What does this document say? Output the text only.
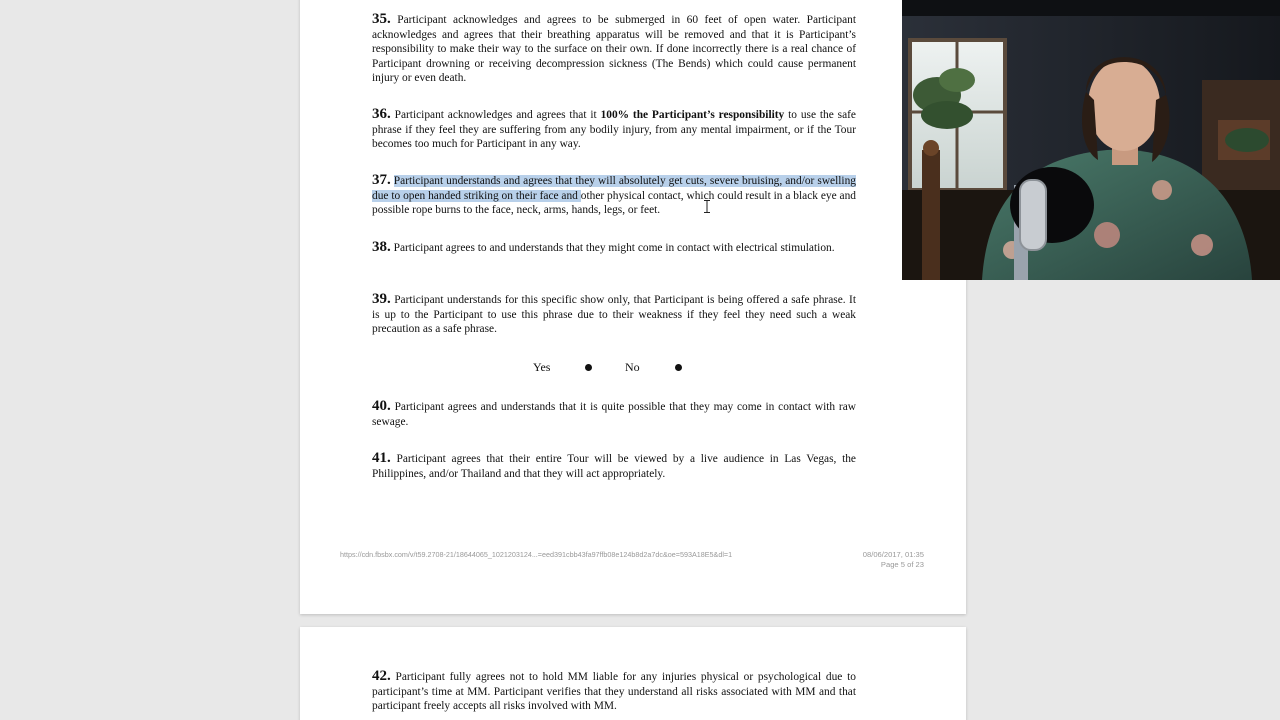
35. Participant acknowledges and agrees to be submerged in 60 feet of open water. Participant acknowledges and agrees that their breathing apparatus will be removed and that it is Participant’s responsibility to make their way to the surface on their own. If done incorrectly there is a real chance of Participant drowning or receiving decompression sickness (The Bends) which could cause permanent injury or even death.
36. Participant acknowledges and agrees that it 100% the Participant’s responsibility to use the safe phrase if they feel they are suffering from any bodily injury, from any mental impairment, or if the Tour becomes too much for Participant in any way.
37. Participant understands and agrees that they will absolutely get cuts, severe bruising, and/or swelling due to open handed striking on their face and other physical contact, which could result in a black eye and possible rope burns to the face, neck, arms, hands, legs, or feet.
38. Participant agrees to and understands that they might come in contact with electrical stimulation.
39. Participant understands for this specific show only, that Participant is being offered a safe phrase. It is up to the Participant to use this phrase due to their weakness if they feel they need such a weak precaution as a safe phrase.
Yes	No
40. Participant agrees and understands that it is quite possible that they may come in contact with raw sewage.
41. Participant agrees that their entire Tour will be viewed by a live audience in Las Vegas, the Philippines, and/or Thailand and that they will act appropriately.
https://cdn.fbsbx.com/v/t59.2708-21/18644065_1021203124...=eed391cbb43fa97ffb08e124b8d2a7dc&oe=593A18E5&dl=1	08/06/2017, 01:35
Page 5 of 23
42. Participant fully agrees not to hold MM liable for any injuries physical or psychological due to participant’s time at MM. Participant verifies that they understand all risks associated with MM and that participant freely accepts all risks involved with MM.
